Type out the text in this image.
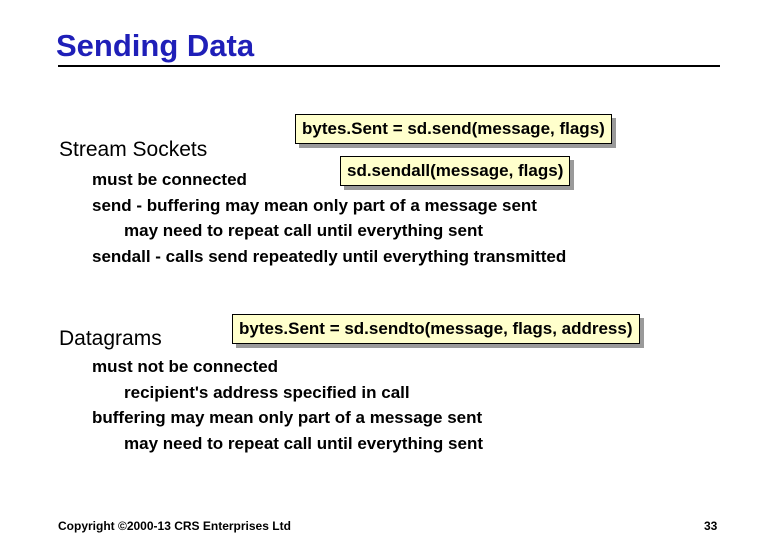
Sending Data
bytes.Sent = sd.send(message, flags)
Stream Sockets
sd.sendall(message, flags)
must be connected
send - buffering may mean only part of a message sent
may need to repeat call until everything sent
sendall - calls send repeatedly until everything transmitted
bytes.Sent = sd.sendto(message, flags, address)
Datagrams
must not be connected
recipient's address specified in call
buffering may mean only part of a message sent
may need to repeat call until everything sent
Copyright ©2000-13 CRS Enterprises Ltd	33
